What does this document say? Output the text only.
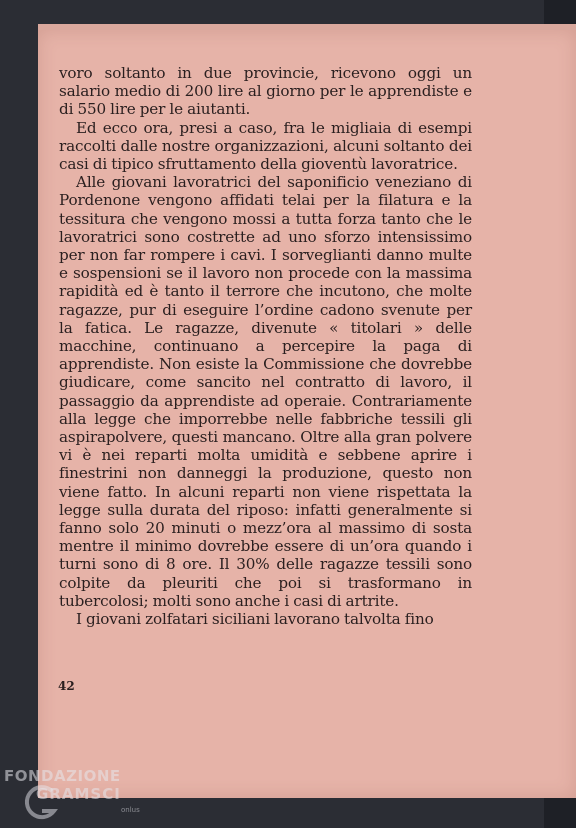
voro soltanto in due provincie, ricevono oggi un salario medio di 200 lire al giorno per le apprendiste e di 550 lire per le aiutanti.

Ed ecco ora, presi a caso, fra le migliaia di esempi raccolti dalle nostre organizzazioni, alcuni soltanto dei casi di tipico sfruttamento della gioventù lavoratrice.

Alle giovani lavoratrici del saponificio veneziano di Pordenone vengono affidati telai per la filatura e la tessitura che vengono mossi a tutta forza tanto che le lavoratrici sono costrette ad uno sforzo intensissimo per non far rompere i cavi. I sorveglianti danno multe e sospensioni se il lavoro non procede con la massima rapidità ed è tanto il terrore che incutono, che molte ragazze, pur di eseguire l’ordine cadono svenute per la fatica. Le ragazze, divenute « titolari » delle macchine, continuano a percepire la paga di apprendiste. Non esiste la Commissione che dovrebbe giudicare, come sancito nel contratto di lavoro, il passaggio da apprendiste ad operaie. Contrariamente alla legge che imporrebbe nelle fabbriche tessili gli aspirapolvere, questi mancano. Oltre alla gran polvere vi è nei reparti molta umidità e sebbene aprire i finestrini non danneggi la produzione, questo non viene fatto. In alcuni reparti non viene rispettata la legge sulla durata del riposo: infatti generalmente si fanno solo 20 minuti o mezz’ora al massimo di sosta mentre il minimo dovrebbe essere di un’ora quando i turni sono di 8 ore. Il 30% delle ragazze tessili sono colpite da pleuriti che poi si trasformano in tubercolosi; molti sono anche i casi di artrite.

I giovani zolfatari siciliani lavorano talvolta fino

42
FONDAZIONE
GRAMSCI
onlus
